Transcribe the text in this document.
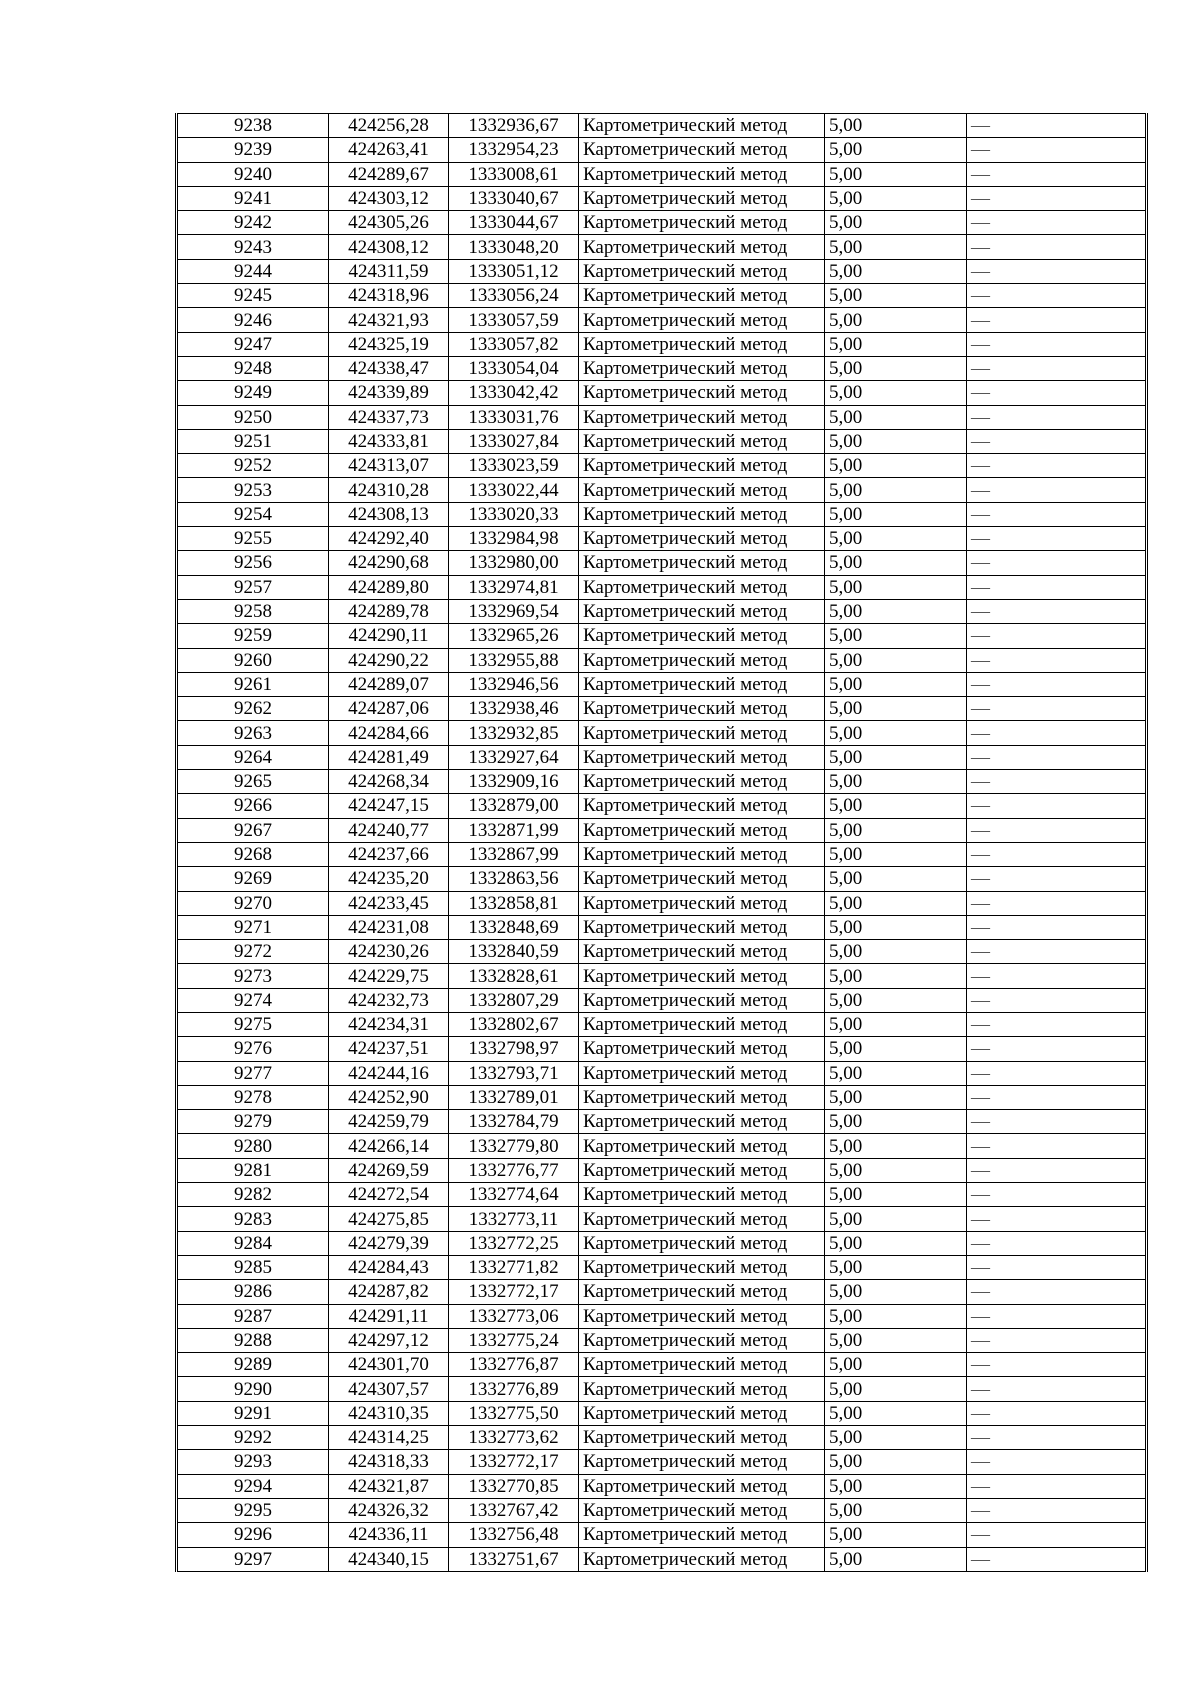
9238	424256,28	1332936,67	Картометрический метод	5,00	—
9239	424263,41	1332954,23	Картометрический метод	5,00	—
9240	424289,67	1333008,61	Картометрический метод	5,00	—
9241	424303,12	1333040,67	Картометрический метод	5,00	—
9242	424305,26	1333044,67	Картометрический метод	5,00	—
9243	424308,12	1333048,20	Картометрический метод	5,00	—
9244	424311,59	1333051,12	Картометрический метод	5,00	—
9245	424318,96	1333056,24	Картометрический метод	5,00	—
9246	424321,93	1333057,59	Картометрический метод	5,00	—
9247	424325,19	1333057,82	Картометрический метод	5,00	—
9248	424338,47	1333054,04	Картометрический метод	5,00	—
9249	424339,89	1333042,42	Картометрический метод	5,00	—
9250	424337,73	1333031,76	Картометрический метод	5,00	—
9251	424333,81	1333027,84	Картометрический метод	5,00	—
9252	424313,07	1333023,59	Картометрический метод	5,00	—
9253	424310,28	1333022,44	Картометрический метод	5,00	—
9254	424308,13	1333020,33	Картометрический метод	5,00	—
9255	424292,40	1332984,98	Картометрический метод	5,00	—
9256	424290,68	1332980,00	Картометрический метод	5,00	—
9257	424289,80	1332974,81	Картометрический метод	5,00	—
9258	424289,78	1332969,54	Картометрический метод	5,00	—
9259	424290,11	1332965,26	Картометрический метод	5,00	—
9260	424290,22	1332955,88	Картометрический метод	5,00	—
9261	424289,07	1332946,56	Картометрический метод	5,00	—
9262	424287,06	1332938,46	Картометрический метод	5,00	—
9263	424284,66	1332932,85	Картометрический метод	5,00	—
9264	424281,49	1332927,64	Картометрический метод	5,00	—
9265	424268,34	1332909,16	Картометрический метод	5,00	—
9266	424247,15	1332879,00	Картометрический метод	5,00	—
9267	424240,77	1332871,99	Картометрический метод	5,00	—
9268	424237,66	1332867,99	Картометрический метод	5,00	—
9269	424235,20	1332863,56	Картометрический метод	5,00	—
9270	424233,45	1332858,81	Картометрический метод	5,00	—
9271	424231,08	1332848,69	Картометрический метод	5,00	—
9272	424230,26	1332840,59	Картометрический метод	5,00	—
9273	424229,75	1332828,61	Картометрический метод	5,00	—
9274	424232,73	1332807,29	Картометрический метод	5,00	—
9275	424234,31	1332802,67	Картометрический метод	5,00	—
9276	424237,51	1332798,97	Картометрический метод	5,00	—
9277	424244,16	1332793,71	Картометрический метод	5,00	—
9278	424252,90	1332789,01	Картометрический метод	5,00	—
9279	424259,79	1332784,79	Картометрический метод	5,00	—
9280	424266,14	1332779,80	Картометрический метод	5,00	—
9281	424269,59	1332776,77	Картометрический метод	5,00	—
9282	424272,54	1332774,64	Картометрический метод	5,00	—
9283	424275,85	1332773,11	Картометрический метод	5,00	—
9284	424279,39	1332772,25	Картометрический метод	5,00	—
9285	424284,43	1332771,82	Картометрический метод	5,00	—
9286	424287,82	1332772,17	Картометрический метод	5,00	—
9287	424291,11	1332773,06	Картометрический метод	5,00	—
9288	424297,12	1332775,24	Картометрический метод	5,00	—
9289	424301,70	1332776,87	Картометрический метод	5,00	—
9290	424307,57	1332776,89	Картометрический метод	5,00	—
9291	424310,35	1332775,50	Картометрический метод	5,00	—
9292	424314,25	1332773,62	Картометрический метод	5,00	—
9293	424318,33	1332772,17	Картометрический метод	5,00	—
9294	424321,87	1332770,85	Картометрический метод	5,00	—
9295	424326,32	1332767,42	Картометрический метод	5,00	—
9296	424336,11	1332756,48	Картометрический метод	5,00	—
9297	424340,15	1332751,67	Картометрический метод	5,00	—
